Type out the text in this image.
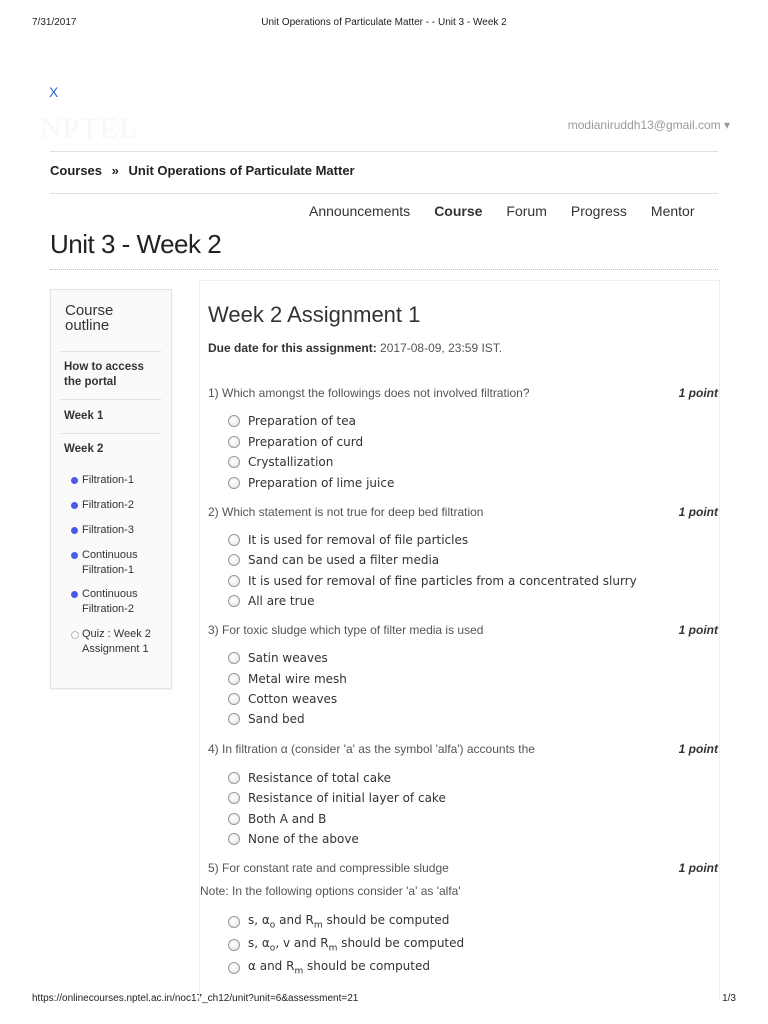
7/31/2017	Unit Operations of Particulate Matter - - Unit 3 - Week 2
https://onlinecourses.nptel.ac.in/noc17_ch12/unit?unit=6&assessment=21	1/3
X
NPTEL	modianiruddh13@gmail.com ▾
Courses » Unit Operations of Particulate Matter
Announcements Course Forum Progress Mentor
Unit 3 - Week 2
Course outline
How to access the portal
Week 1
Week 2
Filtration-1
Filtration-2
Filtration-3
Continuous Filtration-1
Continuous Filtration-2
Quiz : Week 2 Assignment 1
Week 2 Assignment 1
Due date for this assignment: 2017-08-09, 23:59 IST.
1) Which amongst the followings does not involved filtration?	1 point
Preparation of tea
Preparation of curd
Crystallization
Preparation of lime juice
2) Which statement is not true for deep bed filtration	1 point
It is used for removal of file particles
Sand can be used a filter media
It is used for removal of fine particles from a concentrated slurry
All are true
3) For toxic sludge which type of filter media is used	1 point
Satin weaves
Metal wire mesh
Cotton weaves
Sand bed
4) In filtration α (consider 'a' as the symbol 'alfa') accounts the	1 point
Resistance of total cake
Resistance of initial layer of cake
Both A and B
None of the above
5) For constant rate and compressible sludge	1 point
Note: In the following options consider 'a' as 'alfa'
s, $\alpha_o$ and $R_m$ should be computed
s, $\alpha_o$, v and $R_m$ should be computed
α and $R_m$ should be computed
